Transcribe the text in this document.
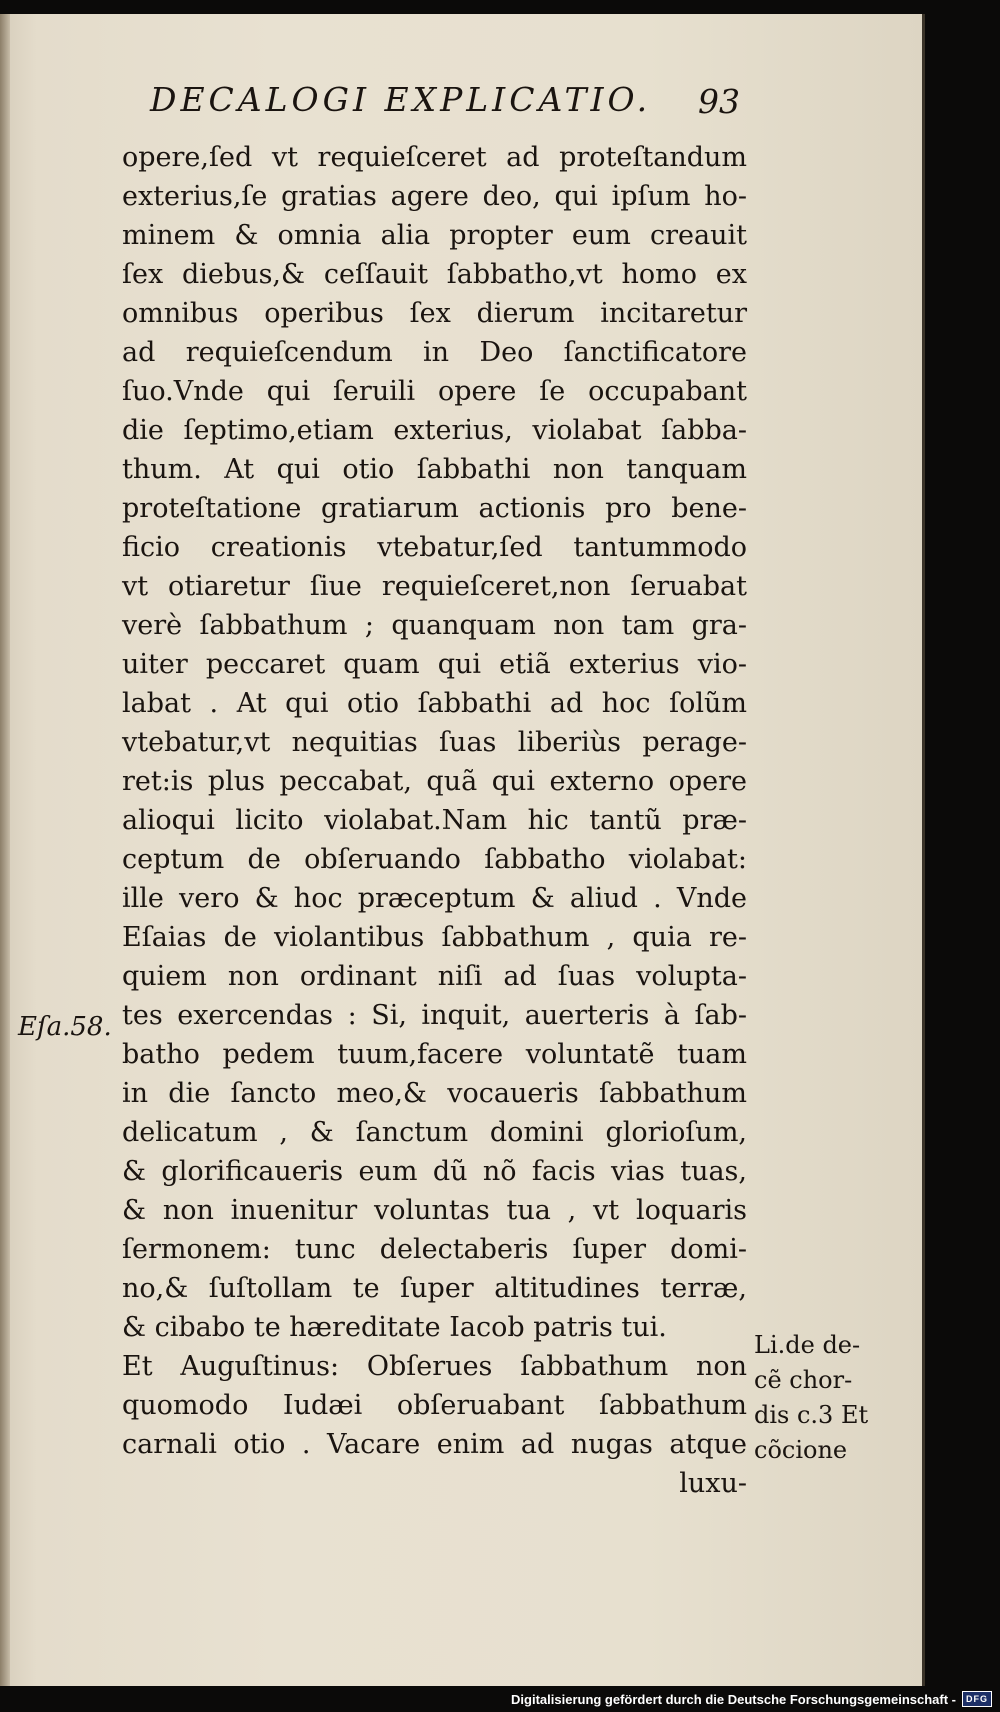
DECALOGI EXPLICATIO. 93
opere,ſed vt requieſceret ad proteſtandum
exterius,ſe gratias agere deo, qui ipſum ho-
minem & omnia alia propter eum creauit
ſex diebus,& ceſſauit ſabbatho,vt homo ex
omnibus operibus ſex dierum incitaretur
ad requieſcendum in Deo ſanctificatore
ſuo.Vnde qui ſeruili opere ſe occupabant
die ſeptimo,etiam exterius, violabat ſabba-
thum. At qui otio ſabbathi non tanquam
proteſtatione gratiarum actionis pro bene-
ficio creationis vtebatur,ſed tantummodo
vt otiaretur ſiue requieſceret,non ſeruabat
verè ſabbathum ; quanquam non tam gra-
uiter peccaret quam qui etiã exterius vio-
labat . At qui otio ſabbathi ad hoc ſolũm
vtebatur,vt nequitias ſuas liberiùs perage-
ret:is plus peccabat, quã qui externo opere
alioqui licito violabat.Nam hic tantũ præ-
ceptum de obſeruando ſabbatho violabat:
ille vero & hoc præceptum & aliud . Vnde
Eſaias de violantibus ſabbathum , quia re-
quiem non ordinant niſi ad ſuas volupta-
tes exercendas : Si, inquit, auerteris à ſab-
batho pedem tuum,facere voluntatẽ tuam
in die ſancto meo,& vocaueris ſabbathum
delicatum , & ſanctum domini glorioſum,
& glorificaueris eum dũ nõ facis vias tuas,
& non inuenitur voluntas tua , vt loquaris
ſermonem: tunc delectaberis ſuper domi-
no,& ſuſtollam te ſuper altitudines terræ,
& cibabo te hæreditate Iacob patris tui.
Et Auguſtinus: Obſerues ſabbathum non
quomodo Iudæi obſeruabant ſabbathum
carnali otio . Vacare enim ad nugas atque
luxu-
Eſa.58.
Li.de de-
cẽ chor-
dis c.3 Et
cõcione
Digitalisierung gefördert durch die Deutsche Forschungsgemeinschaft -	DFG
